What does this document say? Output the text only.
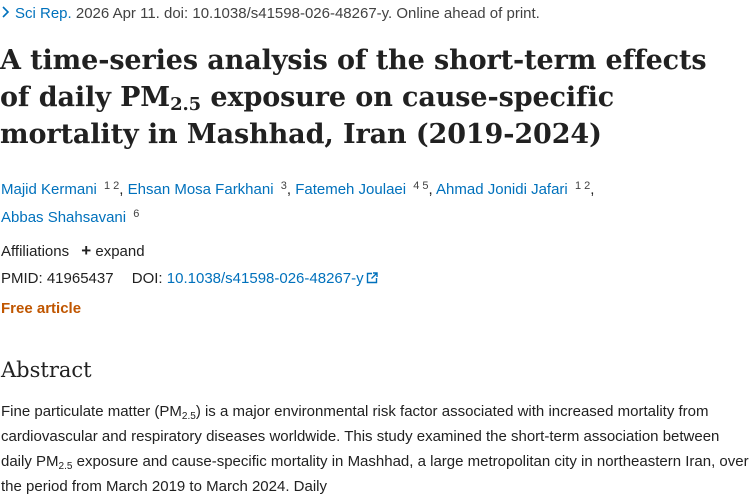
Sci Rep. 2026 Apr 11. doi: 10.1038/s41598-026-48267-y. Online ahead of print.
A time-series analysis of the short-term effects of daily $PM_{2.5}$ exposure on cause-specific mortality in Mashhad, Iran (2019-2024)
Majid Kermani $^{1 2}$, Ehsan Mosa Farkhani $^3$, Fatemeh Joulaei $^{4 5}$, Ahmad Jonidi Jafari $^{1 2}$,
Abbas Shahsavani $^6$
Affiliations + expand
PMID: 41965437 DOI: 10.1038/s41598-026-48267-y
Free article
Abstract

Fine particulate matter $(PM_{2.5})$ is a major environmental risk factor associated with increased mortality from cardiovascular and respiratory diseases worldwide. This study examined the short-term association between daily $PM_{2.5}$ exposure and cause-specific mortality in Mashhad, a large metropolitan city in northeastern Iran, over the period from March 2019 to March 2024. Daily
